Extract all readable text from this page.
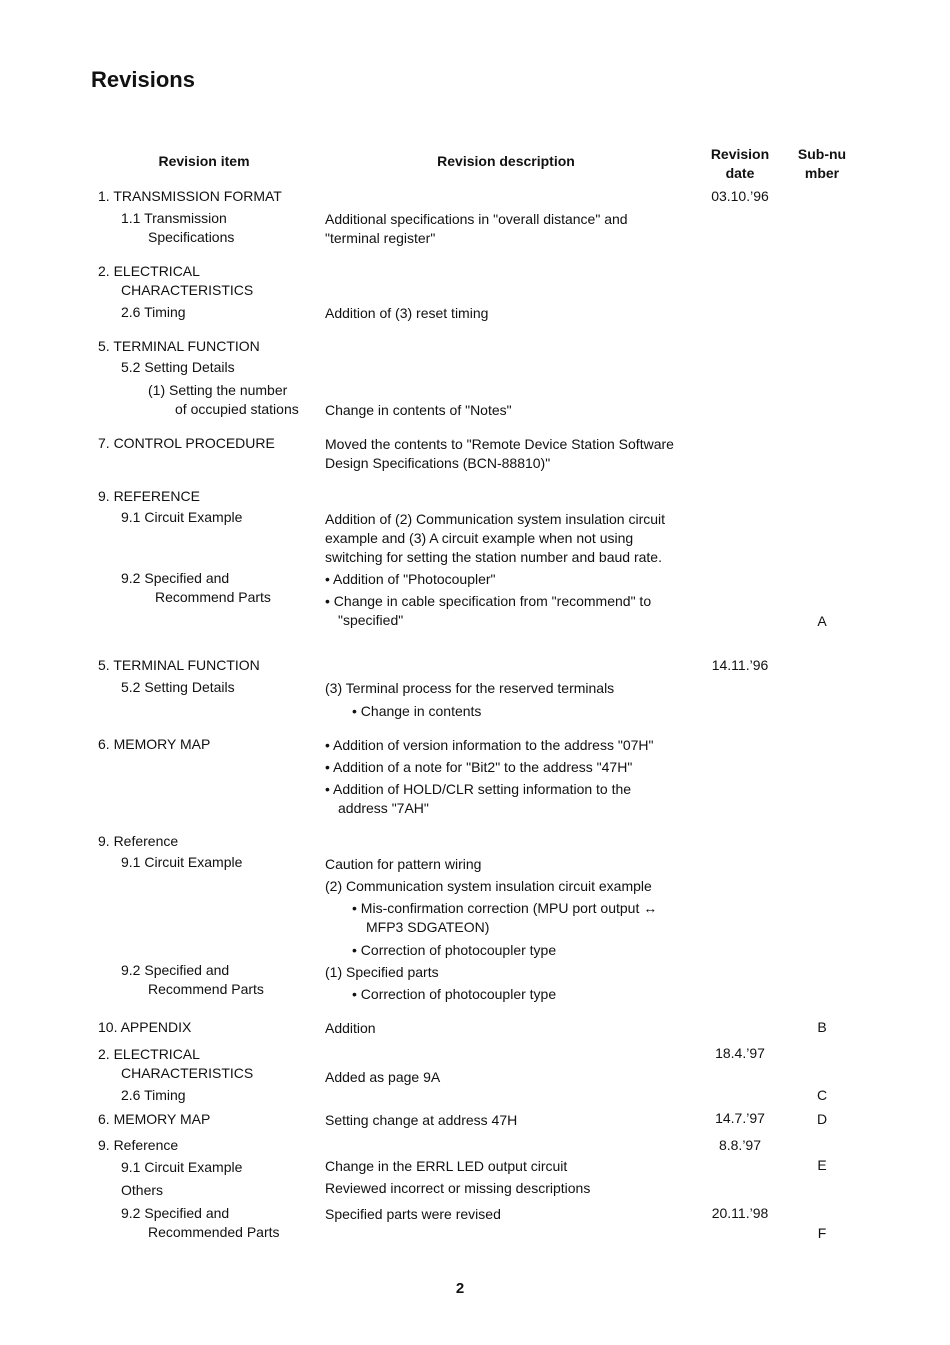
Revisions
Revision item	Revision description	Revision
date
Sub-nu
mber
1. TRANSMISSION FORMAT
1.1 Transmission
Specifications
2. ELECTRICAL
CHARACTERISTICS
2.6 Timing
5. TERMINAL FUNCTION
5.2 Setting Details
(1) Setting the number
of occupied stations
7. CONTROL PROCEDURE
9. REFERENCE
9.1 Circuit Example
9.2 Specified and
Recommend Parts
5. TERMINAL FUNCTION
5.2 Setting Details
6. MEMORY MAP
9. Reference
9.1 Circuit Example
9.2 Specified and
Recommend Parts
10. APPENDIX
2. ELECTRICAL
CHARACTERISTICS
2.6 Timing
6. MEMORY MAP
9. Reference
9.1 Circuit Example
Others
9.2 Specified and
Recommended Parts
Additional specifications in "overall distance" and
"terminal register"
Addition of (3) reset timing
Change in contents of "Notes"
Moved the contents to "Remote Device Station Software
Design Specifications (BCN-88810)"
Addition of (2) Communication system insulation circuit
example and (3) A circuit example when not using
switching for setting the station number and baud rate.
• Addition of "Photocoupler"
• Change in cable specification from "recommend" to
"specified"
(3) Terminal process for the reserved terminals
• Change in contents
• Addition of version information to the address "07H"
• Addition of a note for "Bit2" to the address "47H"
• Addition of HOLD/CLR setting information to the
address "7AH"
Caution for pattern wiring
(2) Communication system insulation circuit example
• Mis-confirmation correction (MPU port output ↔
MFP3 SDGATEON)
• Correction of photocoupler type
(1) Specified parts
• Correction of photocoupler type
Addition
Added as page 9A
Setting change at address 47H
Change in the ERRL LED output circuit
Reviewed incorrect or missing descriptions
Specified parts were revised
03.10.’96
14.11.’96
18.4.’97
14.7.’97
8.8.’97
20.11.’98
A
B
C
D
E
F
2
